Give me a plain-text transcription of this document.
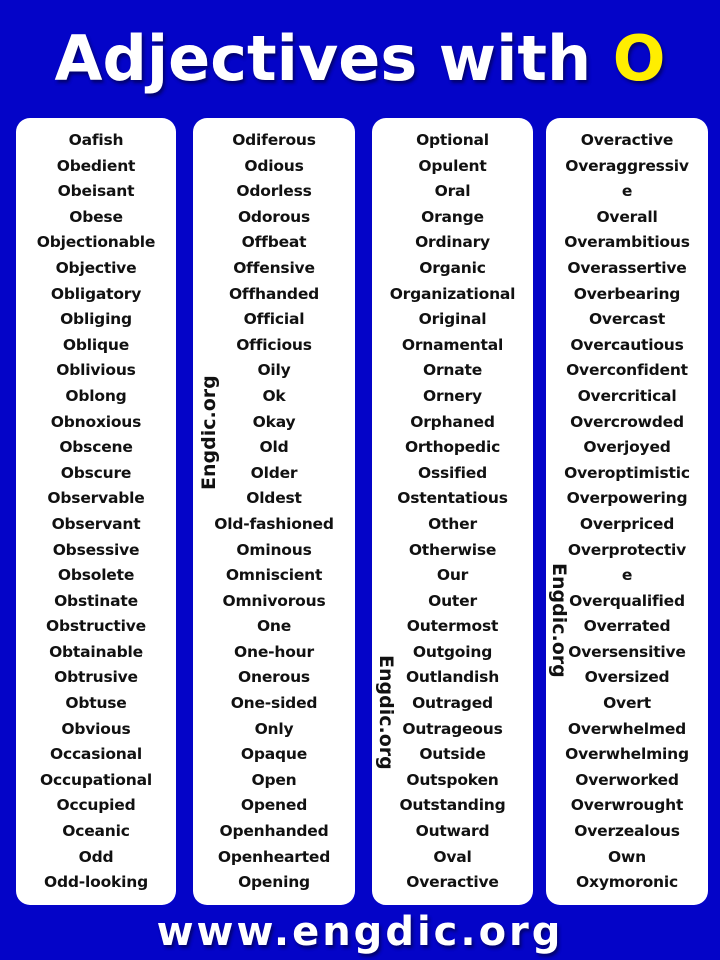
Adjectives with O
Oafish
Obedient
Obeisant
Obese
Objectionable
Objective
Obligatory
Obliging
Oblique
Oblivious
Oblong
Obnoxious
Obscene
Obscure
Observable
Observant
Obsessive
Obsolete
Obstinate
Obstructive
Obtainable
Obtrusive
Obtuse
Obvious
Occasional
Occupational
Occupied
Oceanic
Odd
Odd-looking
Odiferous
Odious
Odorless
Odorous
Offbeat
Offensive
Offhanded
Official
Officious
Oily
Ok
Okay
Old
Older
Oldest
Old-fashioned
Ominous
Omniscient
Omnivorous
One
One-hour
Onerous
One-sided
Only
Opaque
Open
Opened
Openhanded
Openhearted
Opening
Optional
Opulent
Oral
Orange
Ordinary
Organic
Organizational
Original
Ornamental
Ornate
Ornery
Orphaned
Orthopedic
Ossified
Ostentatious
Other
Otherwise
Our
Outer
Outermost
Outgoing
Outlandish
Outraged
Outrageous
Outside
Outspoken
Outstanding
Outward
Oval
Overactive
Overactive
Overaggressiv
e
Overall
Overambitious
Overassertive
Overbearing
Overcast
Overcautious
Overconfident
Overcritical
Overcrowded
Overjoyed
Overoptimistic
Overpowering
Overpriced
Overprotectiv
e
Overqualified
Overrated
Oversensitive
Oversized
Overt
Overwhelmed
Overwhelming
Overworked
Overwrought
Overzealous
Own
Oxymoronic
Engdic.org
Engdic.org
Engdic.org
www.engdic.org
